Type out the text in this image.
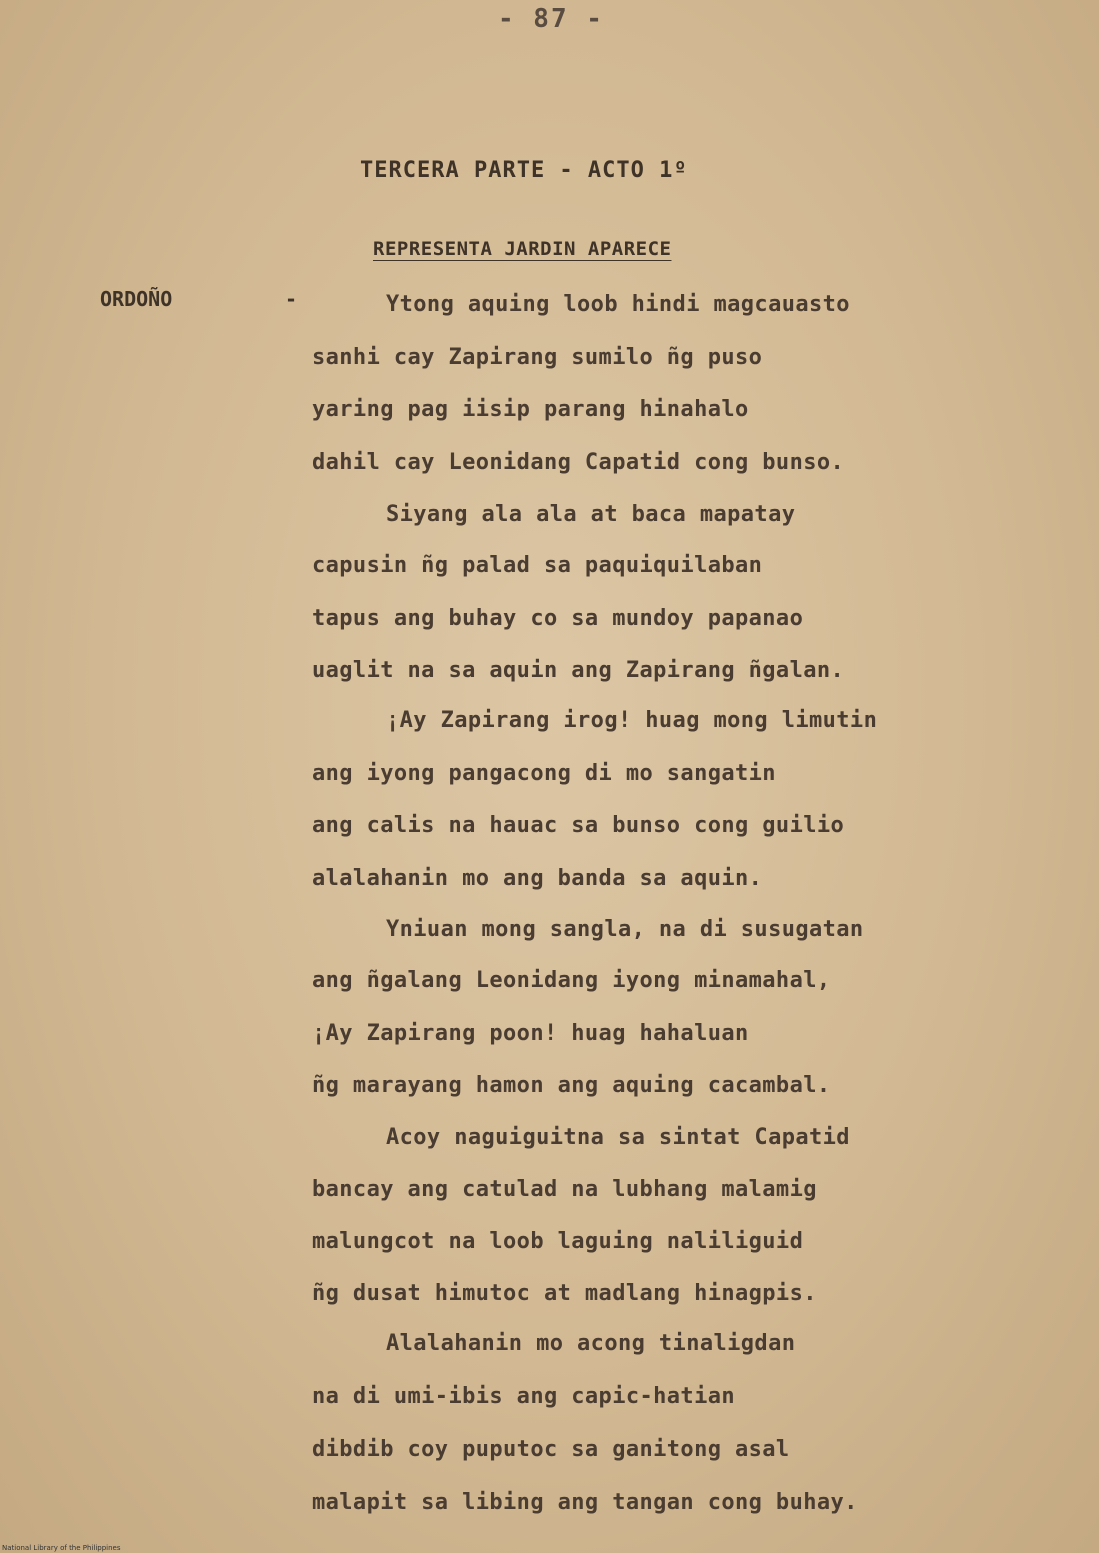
- 87 -
TERCERA PARTE - ACTO 1º
REPRESENTA JARDIN APARECE
ORDOÑO	-	Ytong aquing loob hindi magcauasto
sanhi cay Zapirang sumilo ñg puso
yaring pag iisip parang hinahalo
dahil cay Leonidang Capatid cong bunso.
Siyang ala ala at baca mapatay
capusin ñg palad sa paquiquilaban
tapus ang buhay co sa mundoy papanao
uaglit na sa aquin ang Zapirang ñgalan.
¡Ay Zapirang irog! huag mong limutin
ang iyong pangacong di mo sangatin
ang calis na hauac sa bunso cong guilio
alalahanin mo ang banda sa aquin.
Yniuan mong sangla, na di susugatan
ang ñgalang Leonidang iyong minamahal,
¡Ay Zapirang poon! huag hahaluan
ñg marayang hamon ang aquing cacambal.
Acoy naguiguitna sa sintat Capatid
bancay ang catulad na lubhang malamig
malungcot na loob laguing naliliguid
ñg dusat himutoc at madlang hinagpis.
Alalahanin mo acong tinaligdan
na di umi-ibis ang capic-hatian
dibdib coy puputoc sa ganitong asal
malapit sa libing ang tangan cong buhay.
National Library of the Philippines
